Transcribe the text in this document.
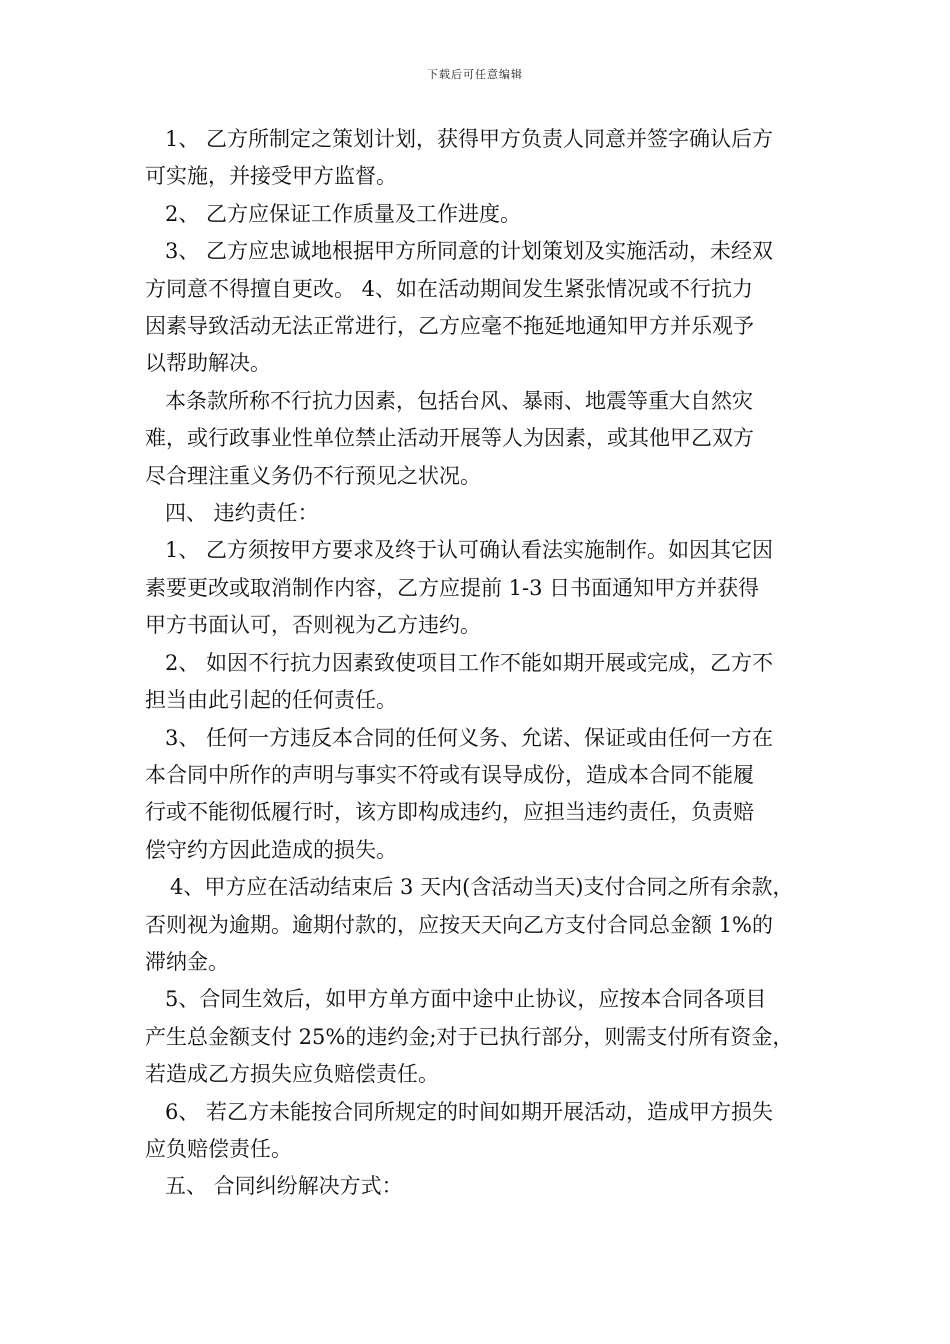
下载后可任意编辑
1、 乙方所制定之策划计划，获得甲方负责人同意并签字确认后方
可实施，并接受甲方监督。
2、 乙方应保证工作质量及工作进度。
3、 乙方应忠诚地根据甲方所同意的计划策划及实施活动，未经双
方同意不得擅自更改。 4、如在活动期间发生紧张情况或不行抗力
因素导致活动无法正常进行，乙方应毫不拖延地通知甲方并乐观予
以帮助解决。
本条款所称不行抗力因素，包括台风、暴雨、地震等重大自然灾
难，或行政事业性单位禁止活动开展等人为因素，或其他甲乙双方
尽合理注重义务仍不行预见之状况。
四、 违约责任：
1、 乙方须按甲方要求及终于认可确认看法实施制作。如因其它因
素要更改或取消制作内容，乙方应提前 1-3 日书面通知甲方并获得
甲方书面认可，否则视为乙方违约。
2、 如因不行抗力因素致使项目工作不能如期开展或完成，乙方不
担当由此引起的任何责任。
3、 任何一方违反本合同的任何义务、允诺、保证或由任何一方在
本合同中所作的声明与事实不符或有误导成份，造成本合同不能履
行或不能彻低履行时，该方即构成违约，应担当违约责任，负责赔
偿守约方因此造成的损失。
4、甲方应在活动结束后 3 天内(含活动当天)支付合同之所有余款，
否则视为逾期。逾期付款的，应按天天向乙方支付合同总金额 1%的
滞纳金。
5、合同生效后，如甲方单方面中途中止协议，应按本合同各项目
产生总金额支付 25%的违约金;对于已执行部分，则需支付所有资金，
若造成乙方损失应负赔偿责任。
6、 若乙方未能按合同所规定的时间如期开展活动，造成甲方损失
应负赔偿责任。
五、 合同纠纷解决方式：
